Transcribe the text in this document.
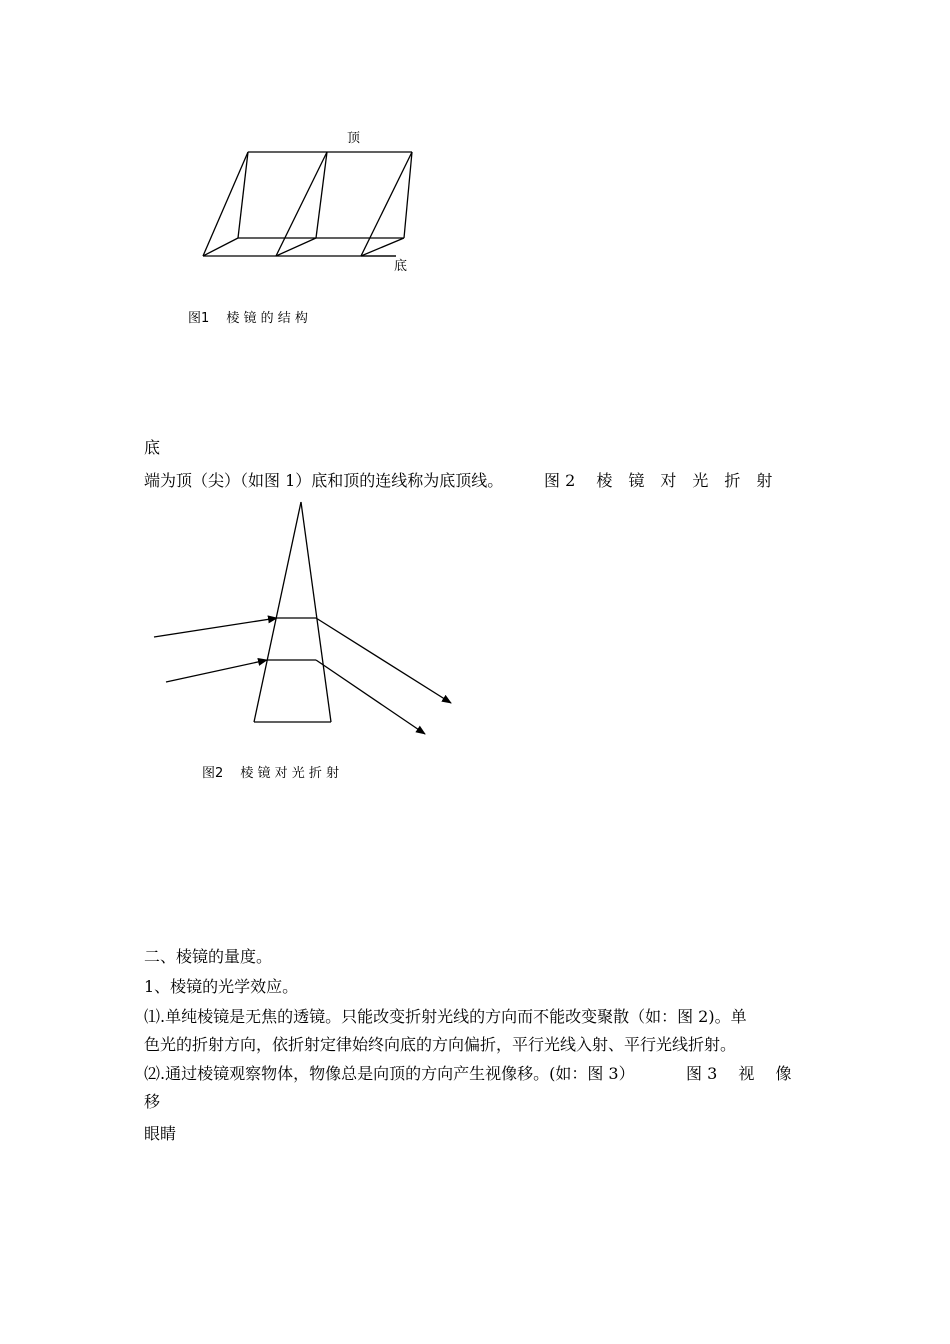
顶
底
图1　 棱 镜 的 结 构
底
端为顶（尖）（如图 1）底和顶的连线称为底顶线。	图 2　 棱　镜　对　光　折　射
图2　 棱 镜 对 光 折 射
二、棱镜的量度。
1、棱镜的光学效应。
⑴.单纯棱镜是无焦的透镜。只能改变折射光线的方向而不能改变聚散（如：图 2)。单
色光的折射方向，依折射定律始终向底的方向偏折，平行光线入射、平行光线折射。
⑵.通过棱镜观察物体，物像总是向顶的方向产生视像移。(如：图 3）	图 3　 视　 像
移
眼睛
